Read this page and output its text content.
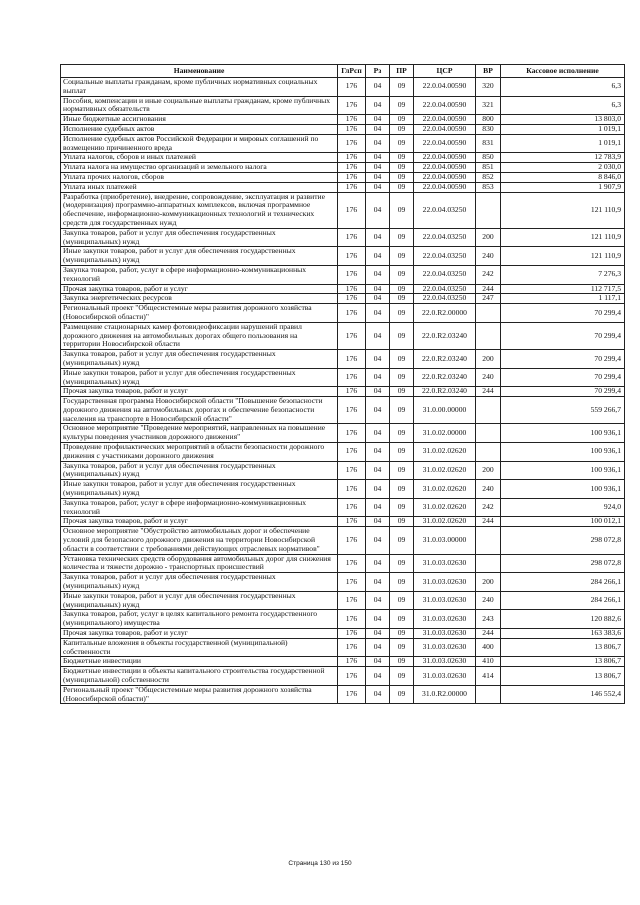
Наименование	ГлРсп	Рз	ПР	ЦСР	ВР	Кассовое исполнение
Социальные выплаты гражданам, кроме публичных нормативных социальных выплат	176	04	09	22.0.04.00590	320	6,3
Пособия, компенсации и иные социальные выплаты гражданам, кроме публичных нормативных обязательств	176	04	09	22.0.04.00590	321	6,3
Иные бюджетные ассигнования	176	04	09	22.0.04.00590	800	13 803,0
Исполнение судебных актов	176	04	09	22.0.04.00590	830	1 019,1
Исполнение судебных актов Российской Федерации и мировых соглашений по возмещению причиненного вреда	176	04	09	22.0.04.00590	831	1 019,1
Уплата налогов, сборов и иных платежей	176	04	09	22.0.04.00590	850	12 783,9
Уплата налога на имущество организаций и земельного налога	176	04	09	22.0.04.00590	851	2 030,0
Уплата прочих налогов, сборов	176	04	09	22.0.04.00590	852	8 846,0
Уплата иных платежей	176	04	09	22.0.04.00590	853	1 907,9
Разработка (приобретение), внедрение, сопровождение, эксплуатация и развитие (модернизация) программно-аппаратных комплексов, включая программное обеспечение, информационно-коммуникационных технологий и технических средств для государственных нужд	176	04	09	22.0.04.03250		121 110,9
Закупка товаров, работ и услуг для обеспечения государственных (муниципальных) нужд	176	04	09	22.0.04.03250	200	121 110,9
Иные закупки товаров, работ и услуг для обеспечения государственных (муниципальных) нужд	176	04	09	22.0.04.03250	240	121 110,9
Закупка товаров, работ, услуг в сфере информационно-коммуникационных технологий	176	04	09	22.0.04.03250	242	7 276,3
Прочая закупка товаров, работ и услуг	176	04	09	22.0.04.03250	244	112 717,5
Закупка энергетических ресурсов	176	04	09	22.0.04.03250	247	1 117,1
Региональный проект "Общесистемные меры развития дорожного хозяйства (Новосибирской области)"	176	04	09	22.0.R2.00000		70 299,4
Размещение стационарных камер фотовидеофиксации нарушений правил дорожного движения на автомобильных дорогах общего пользования на территории Новосибирской области	176	04	09	22.0.R2.03240		70 299,4
Закупка товаров, работ и услуг для обеспечения государственных (муниципальных) нужд	176	04	09	22.0.R2.03240	200	70 299,4
Иные закупки товаров, работ и услуг для обеспечения государственных (муниципальных) нужд	176	04	09	22.0.R2.03240	240	70 299,4
Прочая закупка товаров, работ и услуг	176	04	09	22.0.R2.03240	244	70 299,4
Государственная программа Новосибирской области "Повышение безопасности дорожного движения на автомобильных дорогах и обеспечение безопасности населения на транспорте в Новосибирской области"	176	04	09	31.0.00.00000		559 266,7
Основное мероприятие "Проведение мероприятий, направленных на повышение культуры поведения участников дорожного движения"	176	04	09	31.0.02.00000		100 936,1
Проведение профилактических мероприятий в области безопасности дорожного движения с участниками дорожного движения	176	04	09	31.0.02.02620		100 936,1
Закупка товаров, работ и услуг для обеспечения государственных (муниципальных) нужд	176	04	09	31.0.02.02620	200	100 936,1
Иные закупки товаров, работ и услуг для обеспечения государственных (муниципальных) нужд	176	04	09	31.0.02.02620	240	100 936,1
Закупка товаров, работ, услуг в сфере информационно-коммуникационных технологий	176	04	09	31.0.02.02620	242	924,0
Прочая закупка товаров, работ и услуг	176	04	09	31.0.02.02620	244	100 012,1
Основное мероприятие "Обустройство автомобильных дорог и обеспечение условий для безопасного дорожного движения на территории Новосибирской области в соответствии с требованиями действующих отраслевых нормативов"	176	04	09	31.0.03.00000		298 072,8
Установка технических средств оборудования автомобильных дорог для снижения количества и тяжести дорожно - транспортных происшествий	176	04	09	31.0.03.02630		298 072,8
Закупка товаров, работ и услуг для обеспечения государственных (муниципальных) нужд	176	04	09	31.0.03.02630	200	284 266,1
Иные закупки товаров, работ и услуг для обеспечения государственных (муниципальных) нужд	176	04	09	31.0.03.02630	240	284 266,1
Закупка товаров, работ, услуг в целях капитального ремонта государственного (муниципального) имущества	176	04	09	31.0.03.02630	243	120 882,6
Прочая закупка товаров, работ и услуг	176	04	09	31.0.03.02630	244	163 383,6
Капитальные вложения в объекты государственной (муниципальной) собственности	176	04	09	31.0.03.02630	400	13 806,7
Бюджетные инвестиции	176	04	09	31.0.03.02630	410	13 806,7
Бюджетные инвестиции в объекты капитального строительства государственной (муниципальной) собственности	176	04	09	31.0.03.02630	414	13 806,7
Региональный проект "Общесистемные меры развития дорожного хозяйства (Новосибирской области)"	176	04	09	31.0.R2.00000		146 552,4
Страница 130 из 150
